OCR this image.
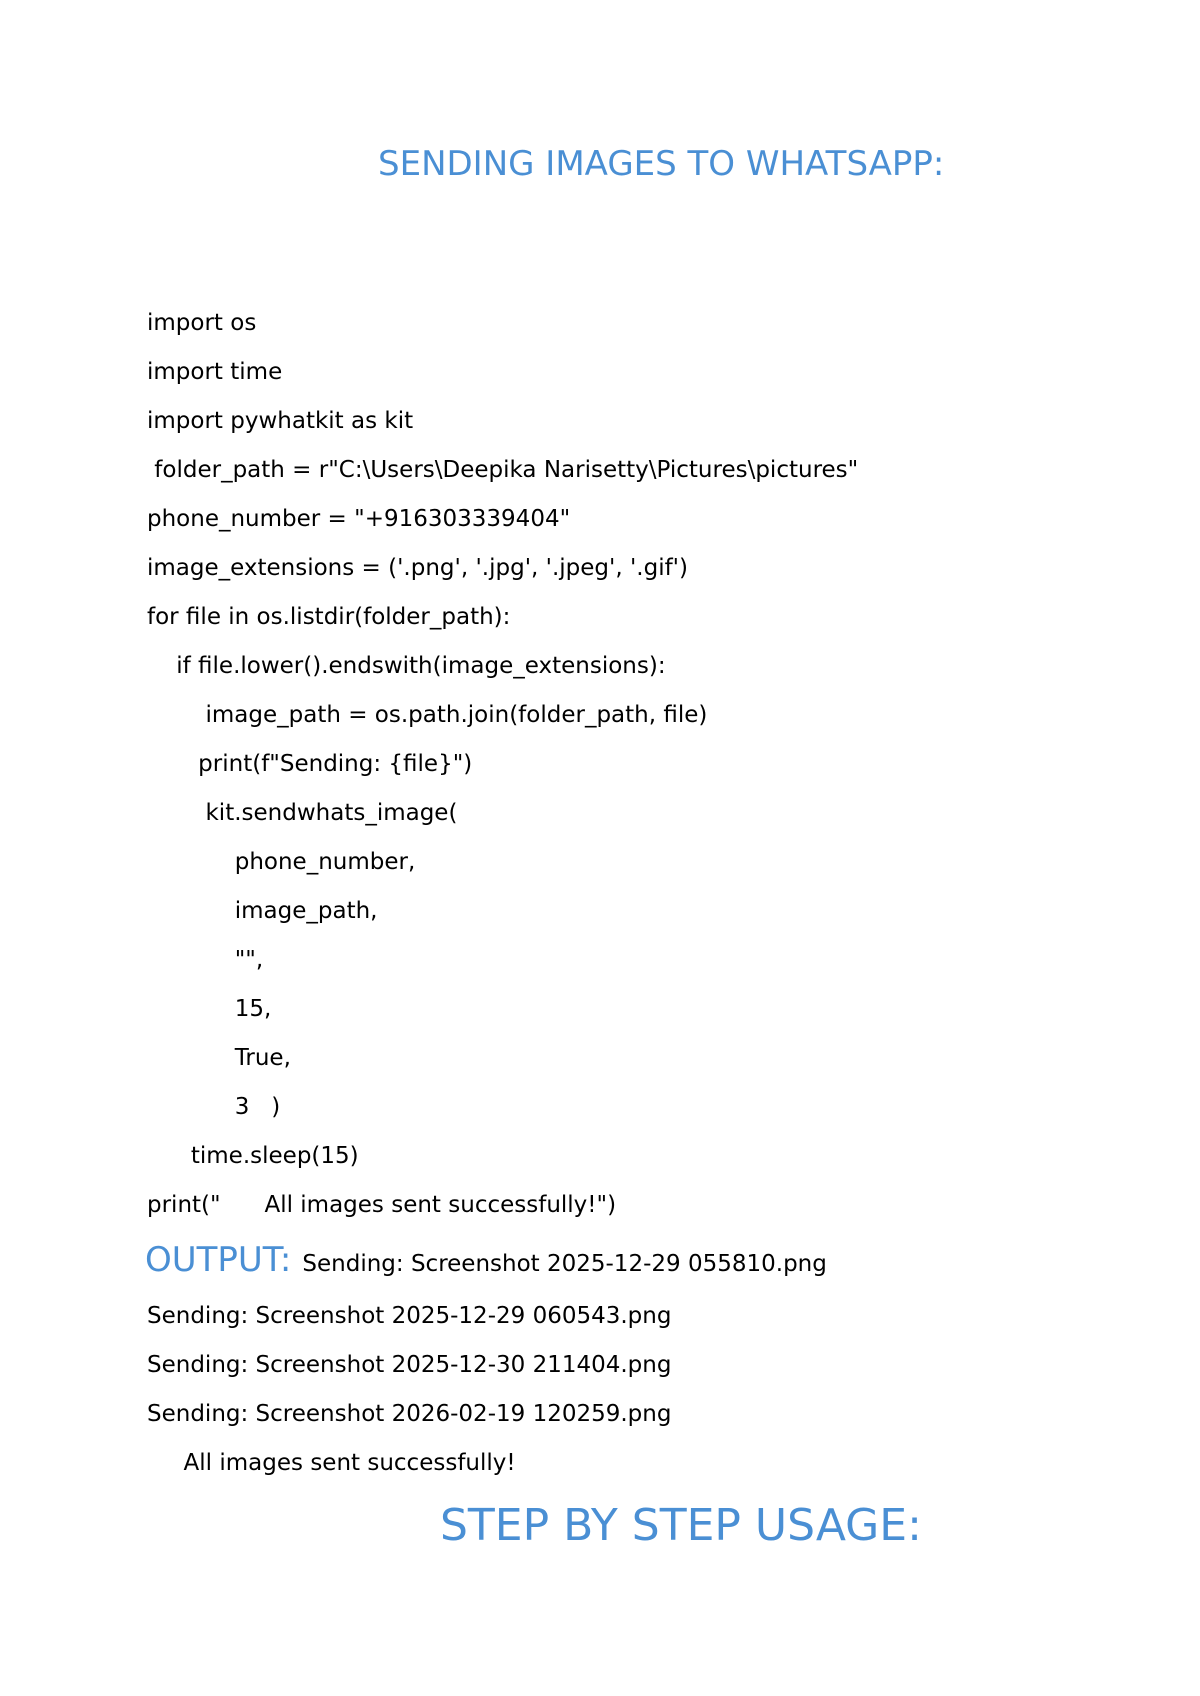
SENDING IMAGES TO WHATSAPP:
import os
import time
import pywhatkit as kit
folder_path = r"C:\Users\Deepika Narisetty\Pictures\pictures"
phone_number = "+916303339404"
image_extensions = ('.png', '.jpg', '.jpeg', '.gif')
for file in os.listdir(folder_path):
if file.lower().endswith(image_extensions):
image_path = os.path.join(folder_path, file)
print(f"Sending: {file}")
kit.sendwhats_image(
phone_number,
image_path,
"",
15,
True,
3   )
time.sleep(15)
print("      All images sent successfully!")
OUTPUT: Sending: Screenshot 2025-12-29 055810.png
Sending: Screenshot 2025-12-29 060543.png
Sending: Screenshot 2025-12-30 211404.png
Sending: Screenshot 2026-02-19 120259.png
All images sent successfully!
STEP BY STEP USAGE:
